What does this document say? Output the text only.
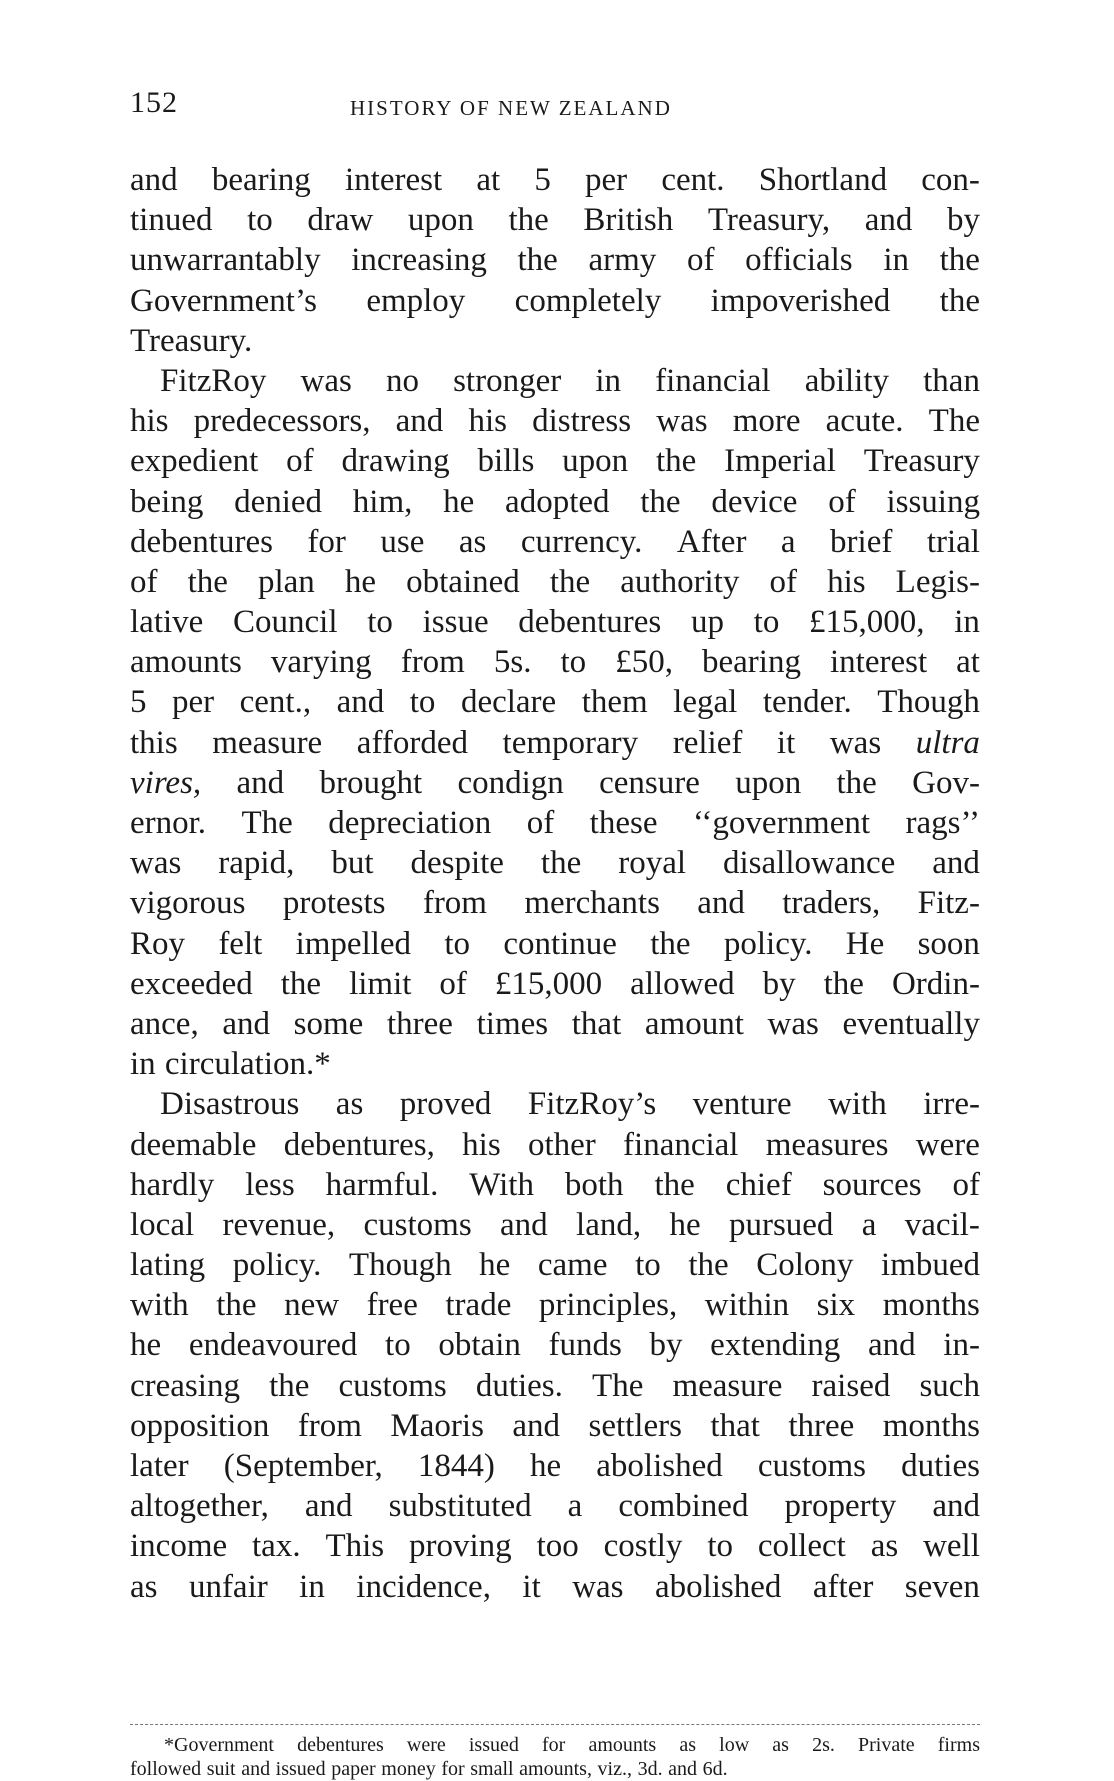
152	HISTORY OF NEW ZEALAND
and bearing interest at 5 per cent. Shortland con-
tinued to draw upon the British Treasury, and by
unwarrantably increasing the army of officials in the
Government’s employ completely impoverished the
Treasury.
FitzRoy was no stronger in financial ability than
his predecessors, and his distress was more acute. The
expedient of drawing bills upon the Imperial Treasury
being denied him, he adopted the device of issuing
debentures for use as currency. After a brief trial
of the plan he obtained the authority of his Legis-
lative Council to issue debentures up to £15,000, in
amounts varying from 5s. to £50, bearing interest at
5 per cent., and to declare them legal tender. Though
this measure afforded temporary relief it was ultra
vires, and brought condign censure upon the Gov-
ernor. The depreciation of these ‘‘government rags’’
was rapid, but despite the royal disallowance and
vigorous protests from merchants and traders, Fitz-
Roy felt impelled to continue the policy. He soon
exceeded the limit of £15,000 allowed by the Ordin-
ance, and some three times that amount was eventually
in circulation.*
Disastrous as proved FitzRoy’s venture with irre-
deemable debentures, his other financial measures were
hardly less harmful. With both the chief sources of
local revenue, customs and land, he pursued a vacil-
lating policy. Though he came to the Colony imbued
with the new free trade principles, within six months
he endeavoured to obtain funds by extending and in-
creasing the customs duties. The measure raised such
opposition from Maoris and settlers that three months
later (September, 1844) he abolished customs duties
altogether, and substituted a combined property and
income tax. This proving too costly to collect as well
as unfair in incidence, it was abolished after seven
*Government debentures were issued for amounts as low as 2s. Private firms
followed suit and issued paper money for small amounts, viz., 3d. and 6d.
